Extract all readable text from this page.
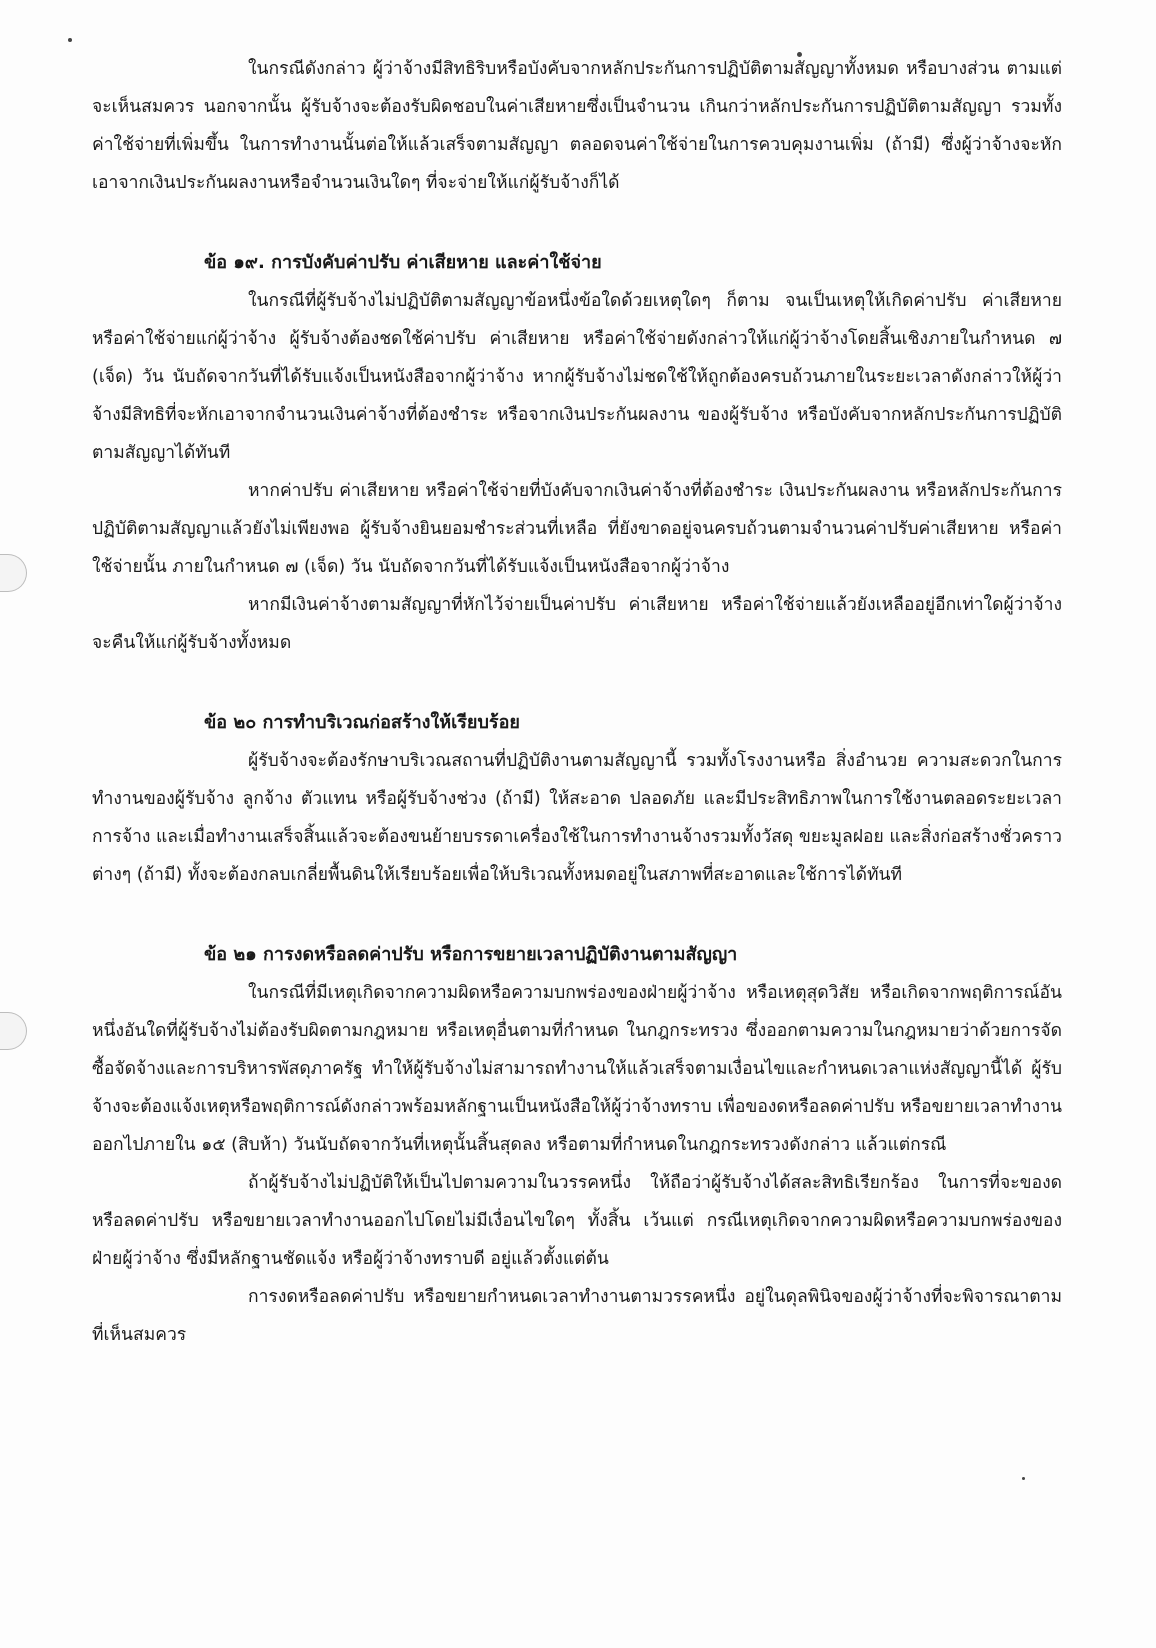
ในกรณีดังกล่าว ผู้ว่าจ้างมีสิทธิริบหรือบังคับจากหลักประกันการปฏิบัติตามสัญญาทั้งหมด หรือบางส่วน ตามแต่จะเห็นสมควร นอกจากนั้น ผู้รับจ้างจะต้องรับผิดชอบในค่าเสียหายซึ่งเป็นจำนวน เกินกว่าหลักประกันการปฏิบัติตามสัญญา รวมทั้งค่าใช้จ่ายที่เพิ่มขึ้น ในการทำงานนั้นต่อให้แล้วเสร็จตามสัญญา ตลอดจนค่าใช้จ่ายในการควบคุมงานเพิ่ม (ถ้ามี) ซึ่งผู้ว่าจ้างจะหัก เอาจากเงินประกันผลงานหรือจำนวนเงินใดๆ ที่จะจ่ายให้แก่ผู้รับจ้างก็ได้

ข้อ ๑๙. การบังคับค่าปรับ ค่าเสียหาย และค่าใช้จ่าย

ในกรณีที่ผู้รับจ้างไม่ปฏิบัติตามสัญญาข้อหนึ่งข้อใดด้วยเหตุใดๆ ก็ตาม จนเป็นเหตุให้เกิดค่าปรับ ค่าเสียหาย หรือค่าใช้จ่ายแก่ผู้ว่าจ้าง ผู้รับจ้างต้องชดใช้ค่าปรับ ค่าเสียหาย หรือค่าใช้จ่ายดังกล่าวให้แก่ผู้ว่าจ้างโดยสิ้นเชิงภายในกำหนด ๗ (เจ็ด) วัน นับถัดจากวันที่ได้รับแจ้งเป็นหนังสือจากผู้ว่าจ้าง หากผู้รับจ้างไม่ชดใช้ให้ถูกต้องครบถ้วนภายในระยะเวลาดังกล่าวให้ผู้ว่าจ้างมีสิทธิที่จะหักเอาจากจำนวนเงินค่าจ้างที่ต้องชำระ หรือจากเงินประกันผลงาน ของผู้รับจ้าง หรือบังคับจากหลักประกันการปฏิบัติตามสัญญาได้ทันที

หากค่าปรับ ค่าเสียหาย หรือค่าใช้จ่ายที่บังคับจากเงินค่าจ้างที่ต้องชำระ เงินประกันผลงาน หรือหลักประกันการปฏิบัติตามสัญญาแล้วยังไม่เพียงพอ ผู้รับจ้างยินยอมชำระส่วนที่เหลือ ที่ยังขาดอยู่จนครบถ้วนตามจำนวนค่าปรับค่าเสียหาย หรือค่าใช้จ่ายนั้น ภายในกำหนด ๗ (เจ็ด) วัน นับถัดจากวันที่ได้รับแจ้งเป็นหนังสือจากผู้ว่าจ้าง

หากมีเงินค่าจ้างตามสัญญาที่หักไว้จ่ายเป็นค่าปรับ ค่าเสียหาย หรือค่าใช้จ่ายแล้วยังเหลืออยู่อีกเท่าใดผู้ว่าจ้างจะคืนให้แก่ผู้รับจ้างทั้งหมด

ข้อ ๒๐ การทำบริเวณก่อสร้างให้เรียบร้อย

ผู้รับจ้างจะต้องรักษาบริเวณสถานที่ปฏิบัติงานตามสัญญานี้ รวมทั้งโรงงานหรือ สิ่งอำนวย ความสะดวกในการทำงานของผู้รับจ้าง ลูกจ้าง ตัวแทน หรือผู้รับจ้างช่วง (ถ้ามี) ให้สะอาด ปลอดภัย และมีประสิทธิภาพในการใช้งานตลอดระยะเวลาการจ้าง และเมื่อทำงานเสร็จสิ้นแล้วจะต้องขนย้ายบรรดาเครื่องใช้ในการทำงานจ้างรวมทั้งวัสดุ ขยะมูลฝอย และสิ่งก่อสร้างชั่วคราวต่างๆ (ถ้ามี) ทั้งจะต้องกลบเกลี่ยพื้นดินให้เรียบร้อยเพื่อให้บริเวณทั้งหมดอยู่ในสภาพที่สะอาดและใช้การได้ทันที

ข้อ ๒๑ การงดหรือลดค่าปรับ หรือการขยายเวลาปฏิบัติงานตามสัญญา

ในกรณีที่มีเหตุเกิดจากความผิดหรือความบกพร่องของฝ่ายผู้ว่าจ้าง หรือเหตุสุดวิสัย หรือเกิดจากพฤติการณ์อันหนึ่งอันใดที่ผู้รับจ้างไม่ต้องรับผิดตามกฎหมาย หรือเหตุอื่นตามที่กำหนด ในกฎกระทรวง ซึ่งออกตามความในกฎหมายว่าด้วยการจัดซื้อจัดจ้างและการบริหารพัสดุภาครัฐ ทำให้ผู้รับจ้างไม่สามารถทำงานให้แล้วเสร็จตามเงื่อนไขและกำหนดเวลาแห่งสัญญานี้ได้ ผู้รับจ้างจะต้องแจ้งเหตุหรือพฤติการณ์ดังกล่าวพร้อมหลักฐานเป็นหนังสือให้ผู้ว่าจ้างทราบ เพื่อของดหรือลดค่าปรับ หรือขยายเวลาทำงานออกไปภายใน ๑๕ (สิบห้า) วันนับถัดจากวันที่เหตุนั้นสิ้นสุดลง หรือตามที่กำหนดในกฎกระทรวงดังกล่าว แล้วแต่กรณี

ถ้าผู้รับจ้างไม่ปฏิบัติให้เป็นไปตามความในวรรคหนึ่ง ให้ถือว่าผู้รับจ้างได้สละสิทธิเรียกร้อง ในการที่จะของดหรือลดค่าปรับ หรือขยายเวลาทำงานออกไปโดยไม่มีเงื่อนไขใดๆ ทั้งสิ้น เว้นแต่ กรณีเหตุเกิดจากความผิดหรือความบกพร่องของฝ่ายผู้ว่าจ้าง ซึ่งมีหลักฐานชัดแจ้ง หรือผู้ว่าจ้างทราบดี อยู่แล้วตั้งแต่ต้น

การงดหรือลดค่าปรับ หรือขยายกำหนดเวลาทำงานตามวรรคหนึ่ง อยู่ในดุลพินิจของผู้ว่าจ้างที่จะพิจารณาตามที่เห็นสมควร
